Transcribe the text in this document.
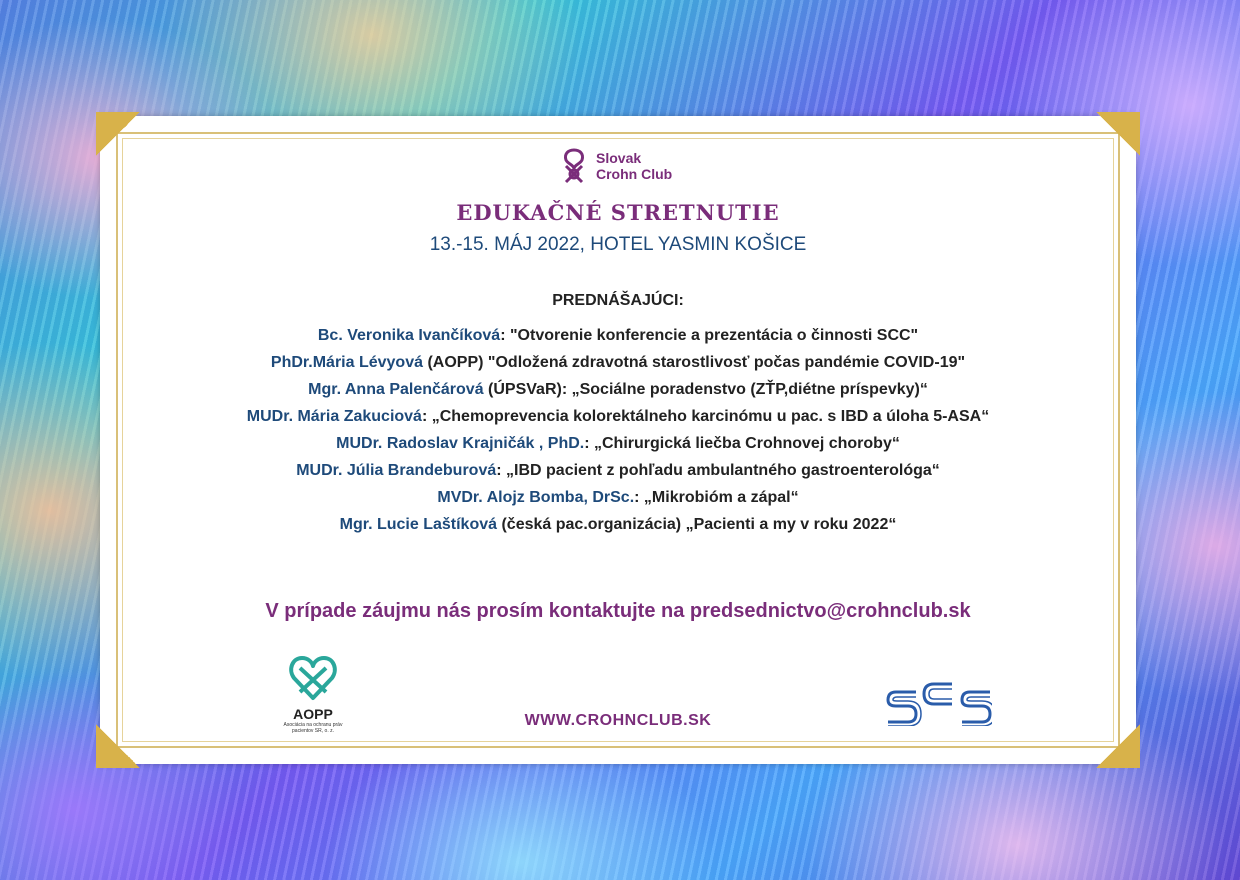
Slovak
Crohn Club
EDUKAČNÉ STRETNUTIE
13.-15. MÁJ 2022, HOTEL YASMIN KOŠICE
PREDNÁŠAJÚCI:
Bc. Veronika Ivančíková: "Otvorenie konferencie a prezentácia o činnosti SCC"
PhDr.Mária Lévyová (AOPP) "Odložená zdravotná starostlivosť počas pandémie COVID-19"
Mgr. Anna Palenčárová (ÚPSVaR): „Sociálne poradenstvo (ZŤP,diétne príspevky)“
MUDr. Mária Zakuciová: „Chemoprevencia kolorektálneho karcinómu u pac. s IBD a úloha 5-ASA“
MUDr. Radoslav Krajničák , PhD.: „Chirurgická liečba Crohnovej choroby“
MUDr. Júlia Brandeburová: „IBD pacient z pohľadu ambulantného gastroenterológa“
MVDr. Alojz Bomba, DrSc.: „Mikrobióm a zápal“
Mgr. Lucie Laštíková (česká pac.organizácia) „Pacienti a my v roku 2022“
V prípade záujmu nás prosím kontaktujte na predsednictvo@crohnclub.sk
AOPP
Asociácia na ochranu práv
pacientov SR, o. z.
WWW.CROHNCLUB.SK
